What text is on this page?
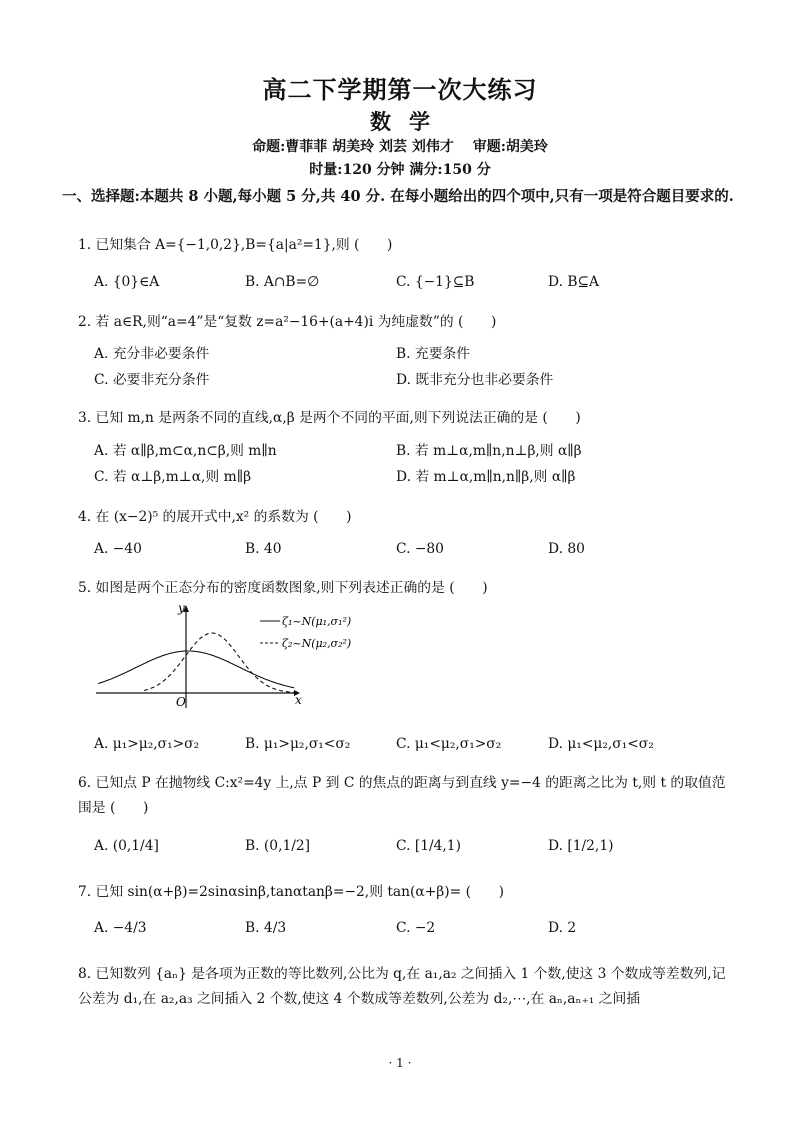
高二下学期第一次大练习
数学
命题:曹菲菲 胡美玲 刘芸 刘伟才　 审题:胡美玲
时量:120 分钟 满分:150 分
一、选择题:本题共 8 小题,每小题 5 分,共 40 分. 在每小题给出的四个项中,只有一项是符合题目要求的.
1. 已知集合 A={−1,0,2},B={a|a²=1},则 (　　)
A. {0}∈A	B. A∩B=∅	C. {−1}⊆B	D. B⊆A
2. 若 a∈R,则“a=4”是“复数 z=a²−16+(a+4)i 为纯虚数”的 (　　)
A. 充分非必要条件	B. 充要条件
C. 必要非充分条件	D. 既非充分也非必要条件
3. 已知 m,n 是两条不同的直线,α,β 是两个不同的平面,则下列说法正确的是 (　　)
A. 若 α∥β,m⊂α,n⊂β,则 m∥n	B. 若 m⊥α,m∥n,n⊥β,则 α∥β
C. 若 α⊥β,m⊥α,则 m∥β	D. 若 m⊥α,m∥n,n∥β,则 α∥β
4. 在 (x−2)⁵ 的展开式中,x² 的系数为 (　　)
A. −40	B. 40	C. −80	D. 80
5. 如图是两个正态分布的密度函数图象,则下列表述正确的是 (　　)
y
x
O
ζ₁~N(μ₁,σ₁²)
ζ₂~N(μ₂,σ₂²)
A. μ₁>μ₂,σ₁>σ₂	B. μ₁>μ₂,σ₁<σ₂	C. μ₁<μ₂,σ₁>σ₂	D. μ₁<μ₂,σ₁<σ₂
6. 已知点 P 在抛物线 C:x²=4y 上,点 P 到 C 的焦点的距离与到直线 y=−4 的距离之比为 t,则 t 的取值范围是 (　　)
A. (0,1/4]	B. (0,1/2]	C. [1/4,1)	D. [1/2,1)
7. 已知 sin(α+β)=2sinαsinβ,tanαtanβ=−2,则 tan(α+β)= (　　)
A. −4/3	B. 4/3	C. −2	D. 2
8. 已知数列 {aₙ} 是各项为正数的等比数列,公比为 q,在 a₁,a₂ 之间插入 1 个数,使这 3 个数成等差数列,记公差为 d₁,在 a₂,a₃ 之间插入 2 个数,使这 4 个数成等差数列,公差为 d₂,⋯,在 aₙ,aₙ₊₁ 之间插
· 1 ·
